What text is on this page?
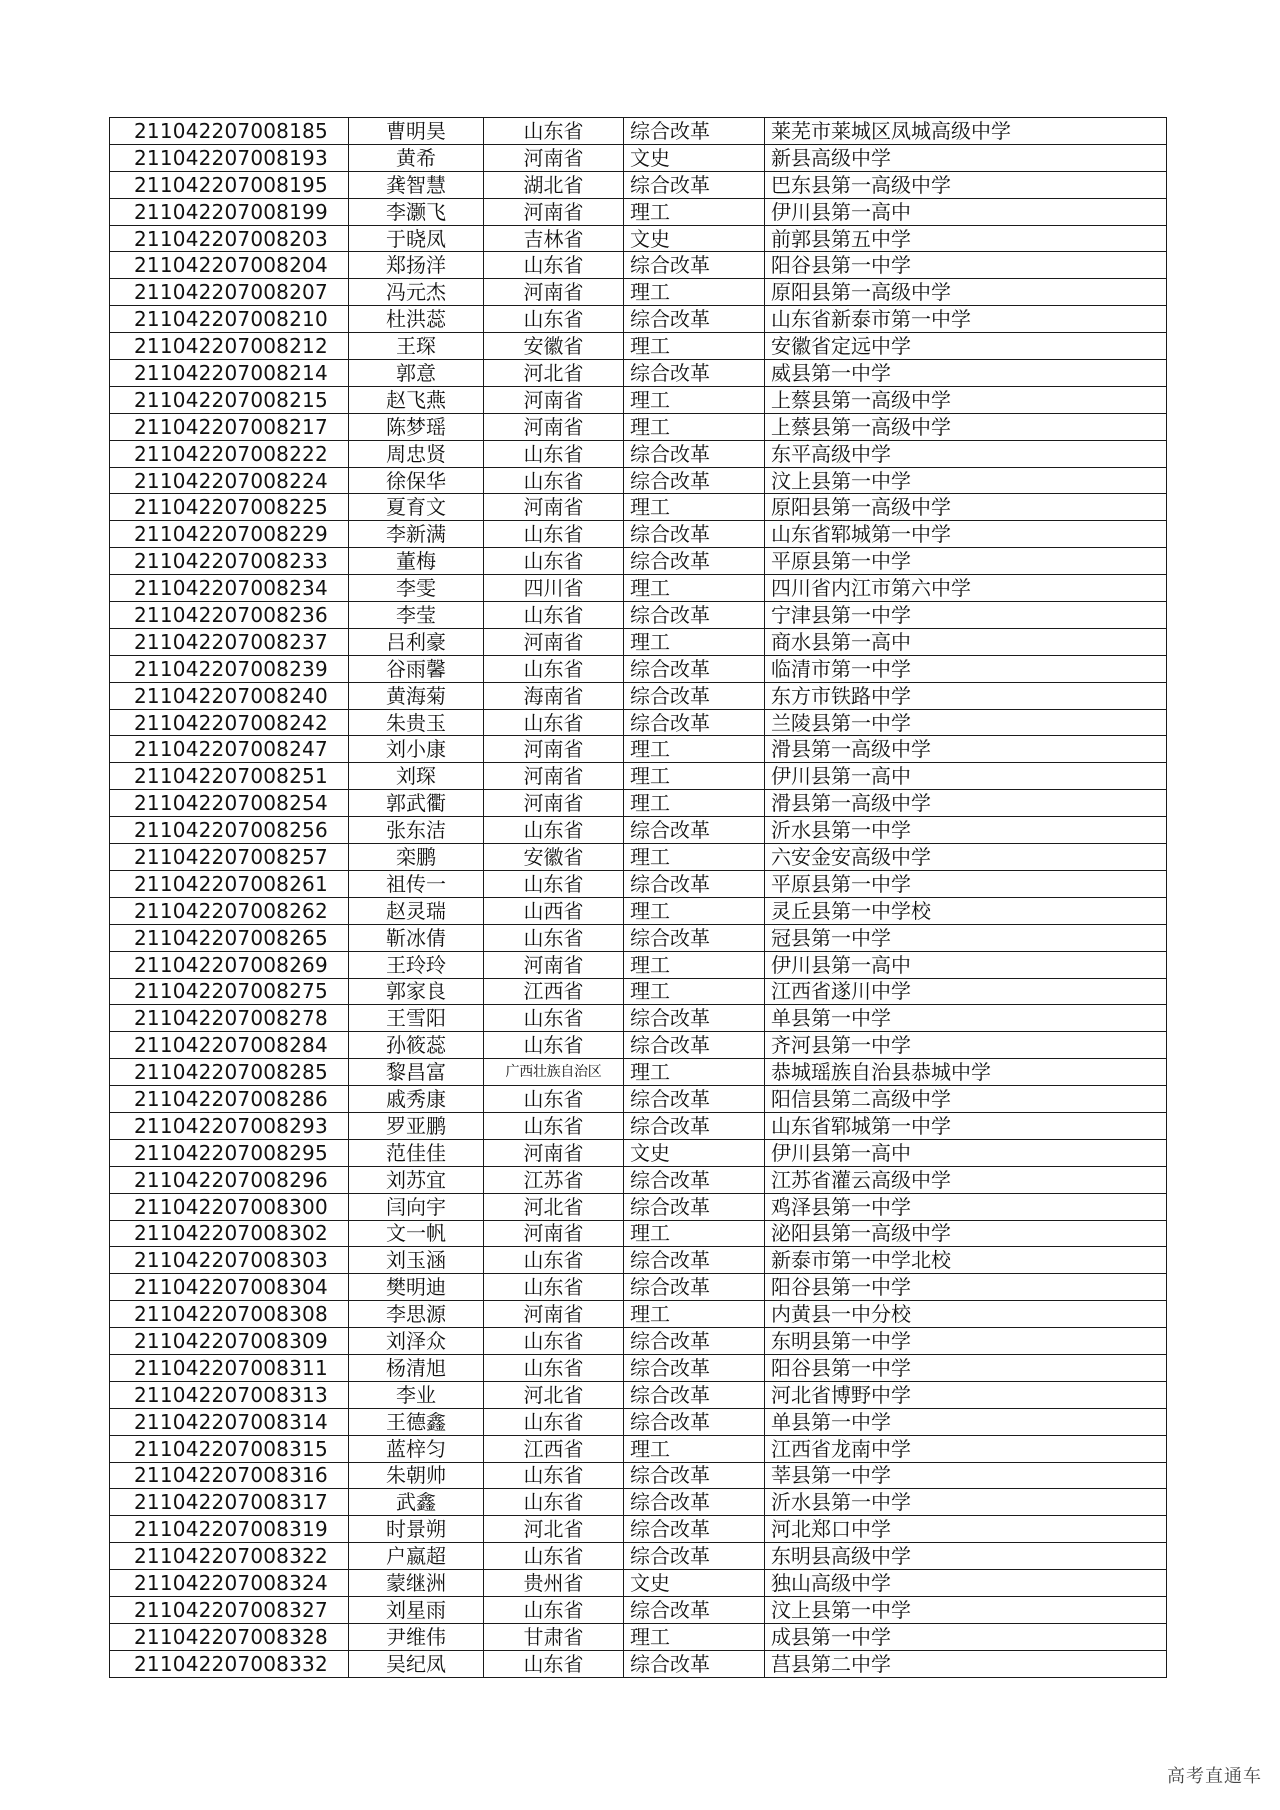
211042207008185	曹明昊	山东省	综合改革	莱芜市莱城区凤城高级中学
211042207008193	黄希	河南省	文史	新县高级中学
211042207008195	龚智慧	湖北省	综合改革	巴东县第一高级中学
211042207008199	李灏飞	河南省	理工	伊川县第一高中
211042207008203	于晓凤	吉林省	文史	前郭县第五中学
211042207008204	郑扬洋	山东省	综合改革	阳谷县第一中学
211042207008207	冯元杰	河南省	理工	原阳县第一高级中学
211042207008210	杜洪蕊	山东省	综合改革	山东省新泰市第一中学
211042207008212	王琛	安徽省	理工	安徽省定远中学
211042207008214	郭意	河北省	综合改革	威县第一中学
211042207008215	赵飞燕	河南省	理工	上蔡县第一高级中学
211042207008217	陈梦瑶	河南省	理工	上蔡县第一高级中学
211042207008222	周忠贤	山东省	综合改革	东平高级中学
211042207008224	徐保华	山东省	综合改革	汶上县第一中学
211042207008225	夏育文	河南省	理工	原阳县第一高级中学
211042207008229	李新满	山东省	综合改革	山东省郓城第一中学
211042207008233	董梅	山东省	综合改革	平原县第一中学
211042207008234	李雯	四川省	理工	四川省内江市第六中学
211042207008236	李莹	山东省	综合改革	宁津县第一中学
211042207008237	吕利豪	河南省	理工	商水县第一高中
211042207008239	谷雨馨	山东省	综合改革	临清市第一中学
211042207008240	黄海菊	海南省	综合改革	东方市铁路中学
211042207008242	朱贵玉	山东省	综合改革	兰陵县第一中学
211042207008247	刘小康	河南省	理工	滑县第一高级中学
211042207008251	刘琛	河南省	理工	伊川县第一高中
211042207008254	郭武衢	河南省	理工	滑县第一高级中学
211042207008256	张东洁	山东省	综合改革	沂水县第一中学
211042207008257	栾鹏	安徽省	理工	六安金安高级中学
211042207008261	祖传一	山东省	综合改革	平原县第一中学
211042207008262	赵灵瑞	山西省	理工	灵丘县第一中学校
211042207008265	靳冰倩	山东省	综合改革	冠县第一中学
211042207008269	王玲玲	河南省	理工	伊川县第一高中
211042207008275	郭家良	江西省	理工	江西省遂川中学
211042207008278	王雪阳	山东省	综合改革	单县第一中学
211042207008284	孙筱蕊	山东省	综合改革	齐河县第一中学
211042207008285	黎昌富	广西壮族自治区	理工	恭城瑶族自治县恭城中学
211042207008286	戚秀康	山东省	综合改革	阳信县第二高级中学
211042207008293	罗亚鹏	山东省	综合改革	山东省郓城第一中学
211042207008295	范佳佳	河南省	文史	伊川县第一高中
211042207008296	刘苏宜	江苏省	综合改革	江苏省灌云高级中学
211042207008300	闫向宇	河北省	综合改革	鸡泽县第一中学
211042207008302	文一帆	河南省	理工	泌阳县第一高级中学
211042207008303	刘玉涵	山东省	综合改革	新泰市第一中学北校
211042207008304	樊明迪	山东省	综合改革	阳谷县第一中学
211042207008308	李思源	河南省	理工	内黄县一中分校
211042207008309	刘泽众	山东省	综合改革	东明县第一中学
211042207008311	杨清旭	山东省	综合改革	阳谷县第一中学
211042207008313	李业	河北省	综合改革	河北省博野中学
211042207008314	王德鑫	山东省	综合改革	单县第一中学
211042207008315	蓝梓匀	江西省	理工	江西省龙南中学
211042207008316	朱朝帅	山东省	综合改革	莘县第一中学
211042207008317	武鑫	山东省	综合改革	沂水县第一中学
211042207008319	时景朔	河北省	综合改革	河北郑口中学
211042207008322	户嬴超	山东省	综合改革	东明县高级中学
211042207008324	蒙继洲	贵州省	文史	独山高级中学
211042207008327	刘星雨	山东省	综合改革	汶上县第一中学
211042207008328	尹维伟	甘肃省	理工	成县第一中学
211042207008332	吴纪凤	山东省	综合改革	莒县第二中学
高考直通车
